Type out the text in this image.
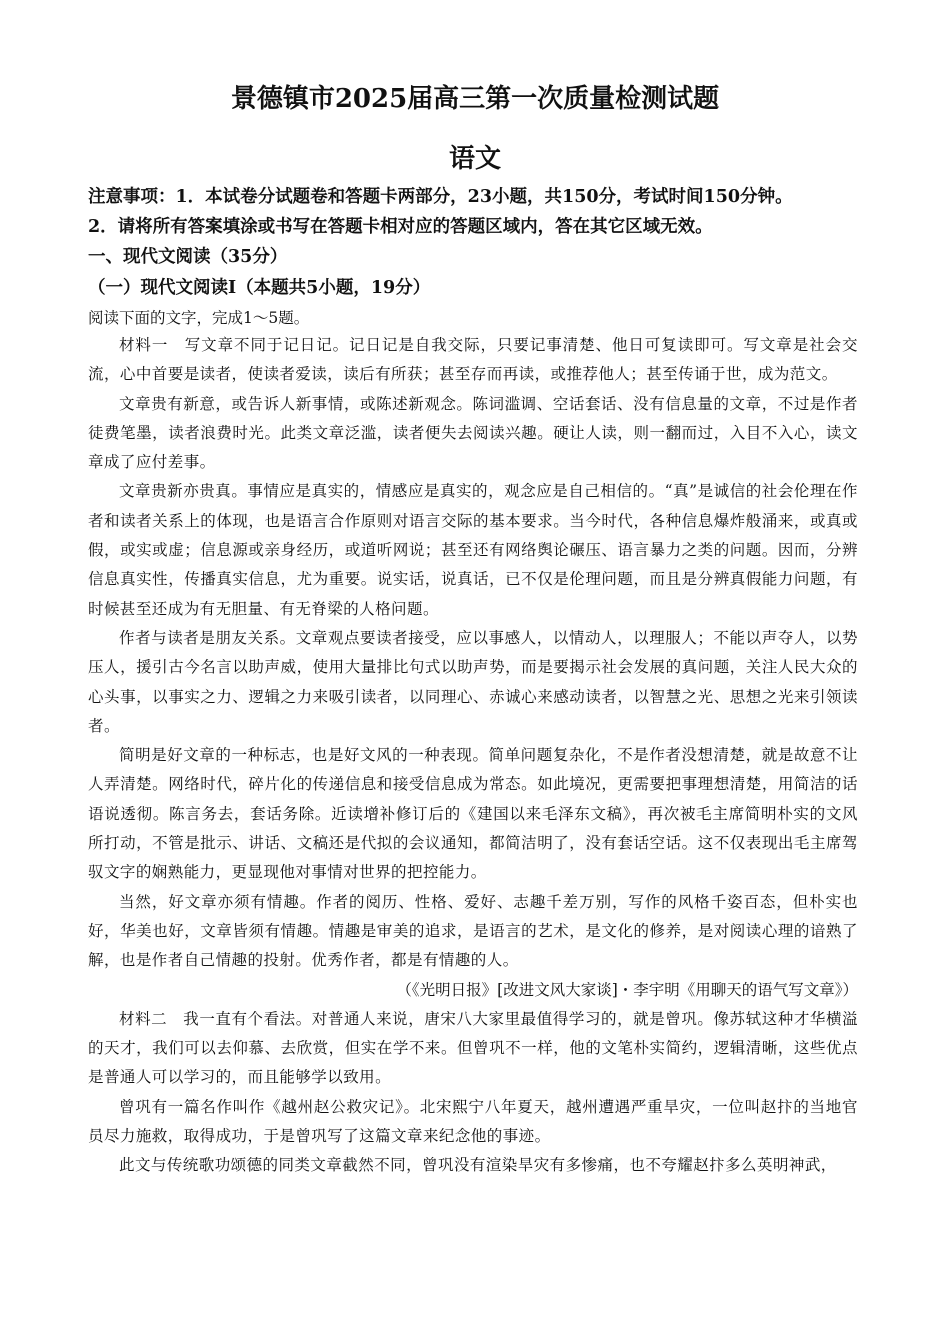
景德镇市2025届高三第一次质量检测试题
语文

注意事项：1．本试卷分试题卷和答题卡两部分，23小题，共150分，考试时间150分钟。

2．请将所有答案填涂或书写在答题卡相对应的答题区域内，答在其它区域无效。

一、现代文阅读（35分）

（一）现代文阅读Ⅰ（本题共5小题，19分）

阅读下面的文字，完成1～5题。

材料一　写文章不同于记日记。记日记是自我交际，只要记事清楚、他日可复读即可。写文章是社会交流，心中首要是读者，使读者爱读，读后有所获；甚至存而再读，或推荐他人；甚至传诵于世，成为范文。

文章贵有新意，或告诉人新事情，或陈述新观念。陈词滥调、空话套话、没有信息量的文章，不过是作者徒费笔墨，读者浪费时光。此类文章泛滥，读者便失去阅读兴趣。硬让人读，则一翻而过，入目不入心，读文章成了应付差事。

文章贵新亦贵真。事情应是真实的，情感应是真实的，观念应是自己相信的。“真”是诚信的社会伦理在作者和读者关系上的体现，也是语言合作原则对语言交际的基本要求。当今时代，各种信息爆炸般涌来，或真或假，或实或虚；信息源或亲身经历，或道听网说；甚至还有网络舆论碾压、语言暴力之类的问题。因而，分辨信息真实性，传播真实信息，尤为重要。说实话，说真话，已不仅是伦理问题，而且是分辨真假能力问题，有时候甚至还成为有无胆量、有无脊梁的人格问题。

作者与读者是朋友关系。文章观点要读者接受，应以事感人，以情动人，以理服人；不能以声夺人，以势压人，援引古今名言以助声威，使用大量排比句式以助声势，而是要揭示社会发展的真问题，关注人民大众的心头事，以事实之力、逻辑之力来吸引读者，以同理心、赤诚心来感动读者，以智慧之光、思想之光来引领读者。

简明是好文章的一种标志，也是好文风的一种表现。简单问题复杂化，不是作者没想清楚，就是故意不让人弄清楚。网络时代，碎片化的传递信息和接受信息成为常态。如此境况，更需要把事理想清楚，用简洁的话语说透彻。陈言务去，套话务除。近读增补修订后的《建国以来毛泽东文稿》，再次被毛主席简明朴实的文风所打动，不管是批示、讲话、文稿还是代拟的会议通知，都简洁明了，没有套话空话。这不仅表现出毛主席驾驭文字的娴熟能力，更显现他对事情对世界的把控能力。

当然，好文章亦须有情趣。作者的阅历、性格、爱好、志趣千差万别，写作的风格千姿百态，但朴实也好，华美也好，文章皆须有情趣。情趣是审美的追求，是语言的艺术，是文化的修养，是对阅读心理的谙熟了解，也是作者自己情趣的投射。优秀作者，都是有情趣的人。

（《光明日报》[改进文风大家谈]・李宇明《用聊天的语气写文章》）

材料二　我一直有个看法。对普通人来说，唐宋八大家里最值得学习的，就是曾巩。像苏轼这种才华横溢的天才，我们可以去仰慕、去欣赏，但实在学不来。但曾巩不一样，他的文笔朴实简约，逻辑清晰，这些优点是普通人可以学习的，而且能够学以致用。

曾巩有一篇名作叫作《越州赵公救灾记》。北宋熙宁八年夏天，越州遭遇严重旱灾，一位叫赵抃的当地官员尽力施救，取得成功，于是曾巩写了这篇文章来纪念他的事迹。

此文与传统歌功颂德的同类文章截然不同，曾巩没有渲染旱灾有多惨痛，也不夸耀赵抃多么英明神武，
